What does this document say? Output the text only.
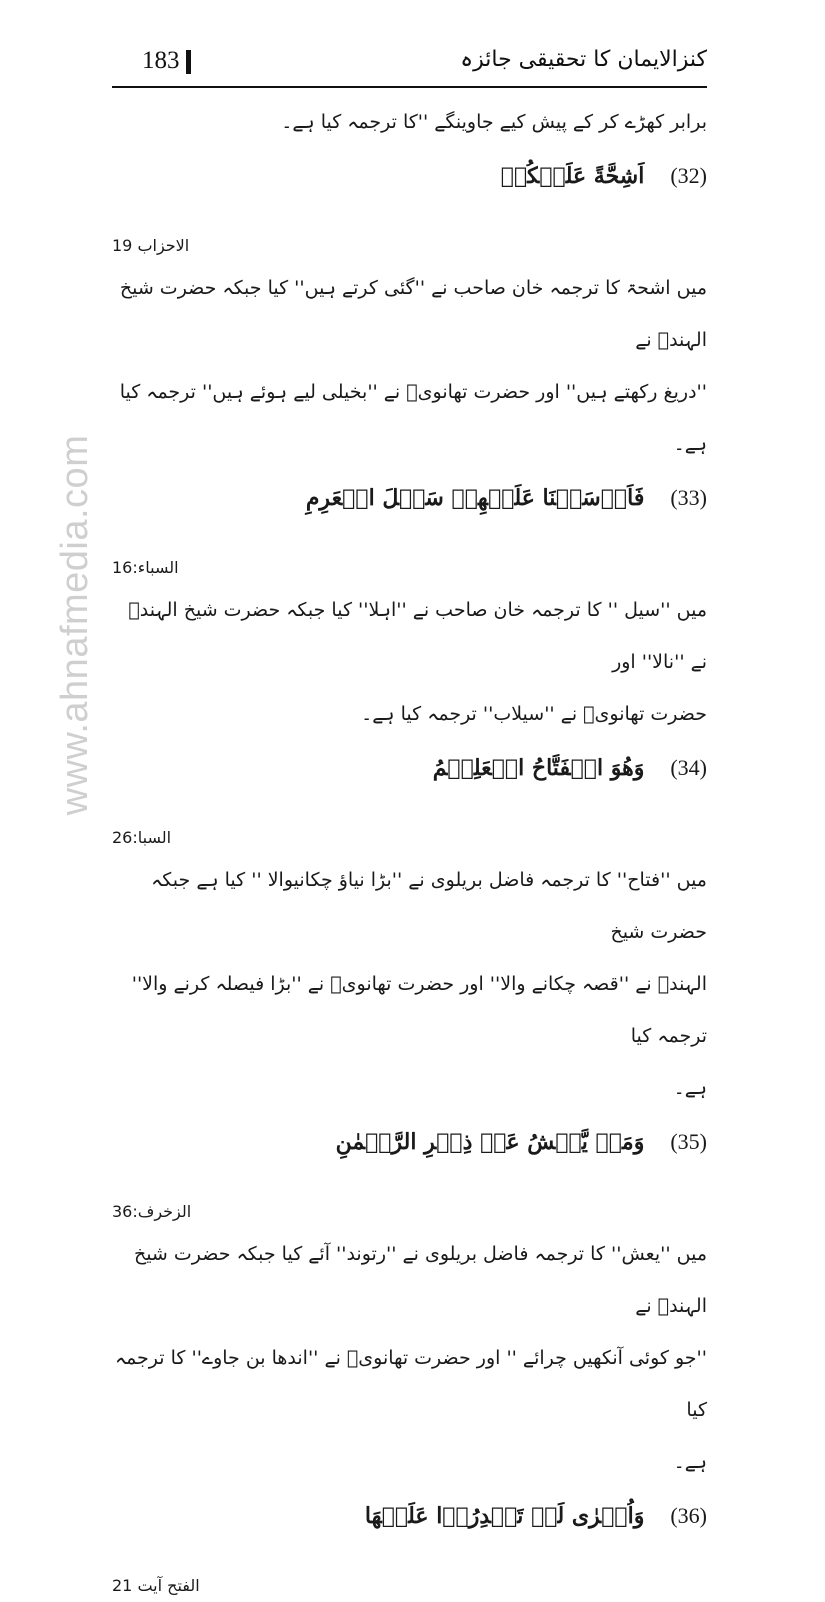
183	کنزالایمان کا تحقیقی جائزہ
www.ahnafmedia.com
برابر کھڑے کر کے پیش کیے جاوینگے ''کا ترجمہ کیا ہے۔
(32)
اَشِحَّةً عَلَیۡکُمۡ
الاحزاب 19
میں اشحۃ کا ترجمہ خان صاحب نے ''گئی کرتے ہیں'' کیا جبکہ حضرت شیخ الہندؒ نے
''دریغ رکھتے ہیں'' اور حضرت تھانویؒ نے ''بخیلی لیے ہوئے ہیں'' ترجمہ کیا ہے۔
(33)
فَاَرۡسَلۡنَا عَلَیۡهِمۡ سَیۡلَ الۡعَرِمِ
السباء:16
میں ''سیل '' کا ترجمہ خان صاحب نے ''اہلا'' کیا جبکہ حضرت شیخ الہندؒ نے ''نالا'' اور
حضرت تھانویؒ نے ''سیلاب'' ترجمہ کیا ہے۔
(34)
وَهُوَ الۡفَتَّاحُ الۡعَلِیۡمُ
السبا:26
میں ''فتاح'' کا ترجمہ فاضل بریلوی نے ''بڑا نیاؤ چکانیوالا '' کیا ہے جبکہ حضرت شیخ
الہندؒ نے ''قصہ چکانے والا'' اور حضرت تھانویؒ نے ''بڑا فیصلہ کرنے والا'' ترجمہ کیا
ہے۔
(35)
وَمَنۡ یَّعۡشُ عَنۡ ذِكۡرِ الرَّحۡمٰنِ
الزخرف:36
میں ''یعش'' کا ترجمہ فاضل بریلوی نے ''رتوند'' آئے کیا جبکہ حضرت شیخ الہندؒ نے
''جو کوئی آنکھیں چرائے '' اور حضرت تھانویؒ نے ''اندھا بن جاوے'' کا ترجمہ کیا
ہے۔
(36)
وَاُخۡرٰی لَمۡ تَقۡدِرُوۡا عَلَیۡهَا
الفتح آیت 21
